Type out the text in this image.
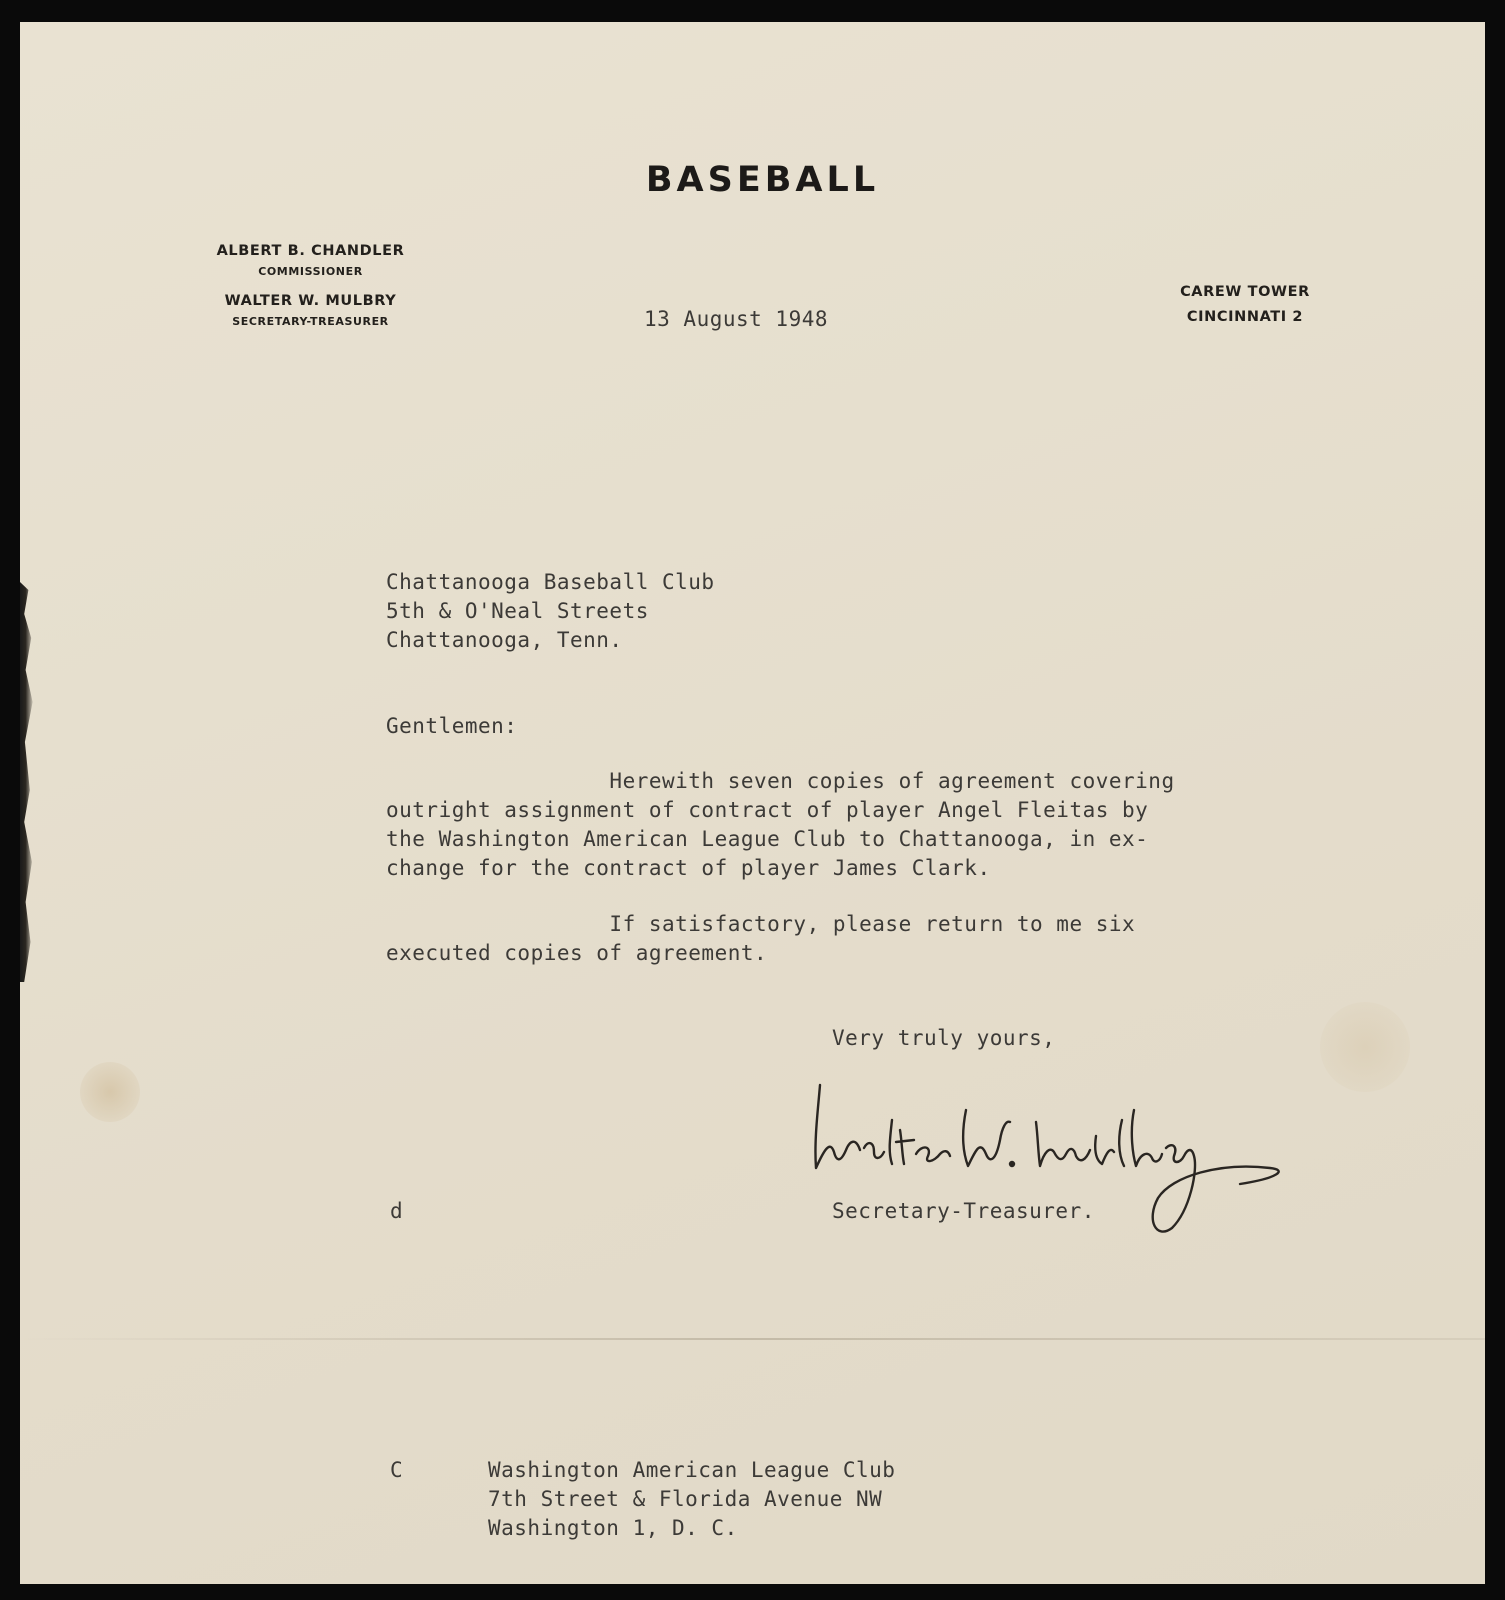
BASEBALL
ALBERT B. CHANDLER
COMMISSIONER
WALTER W. MULBRY
SECRETARY-TREASURER
CAREW TOWER
CINCINNATI 2
13 August 1948
Chattanooga Baseball Club
5th & O'Neal Streets
Chattanooga, Tenn.
Gentlemen:
Herewith seven copies of agreement covering
outright assignment of contract of player Angel Fleitas by
the Washington American League Club to Chattanooga, in ex-
change for the contract of player James Clark.
If satisfactory, please return to me six
executed copies of agreement.
Very truly yours,
d	Secretary-Treasurer.
C	Washington American League Club
7th Street & Florida Avenue NW
Washington 1, D. C.
